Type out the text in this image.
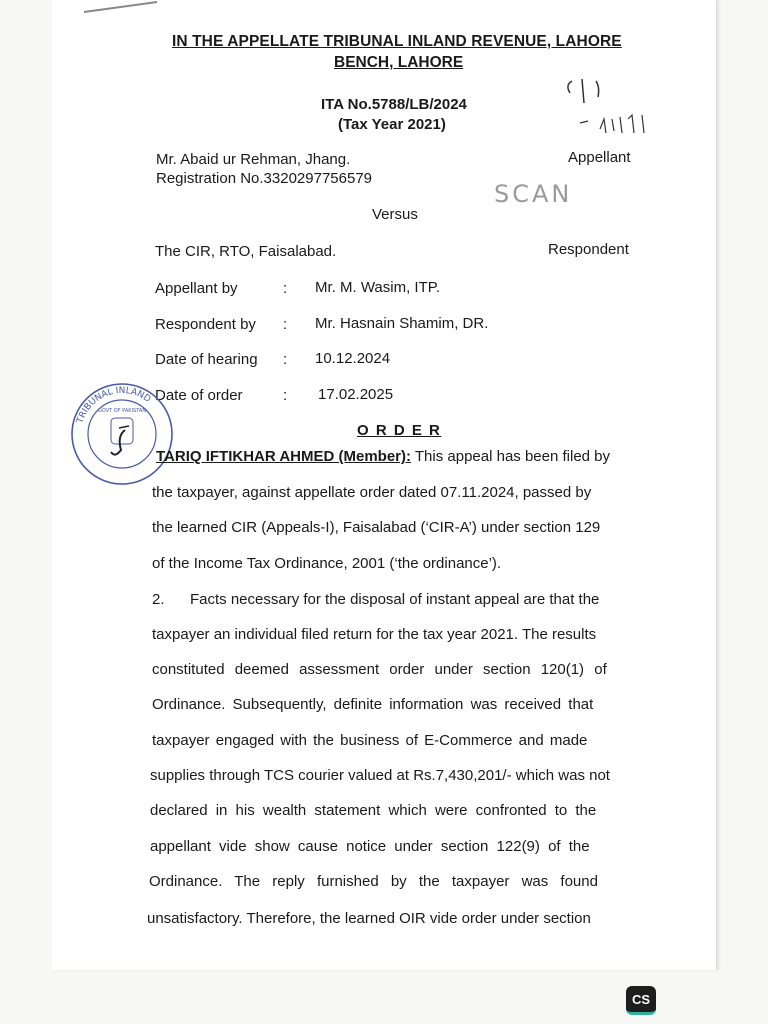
IN THE APPELLATE TRIBUNAL INLAND REVENUE, LAHORE
BENCH, LAHORE
ITA No.5788/LB/2024
(Tax Year 2021)
Mr. Abaid ur Rehman, Jhang.
Registration No.3320297756579
Appellant
SCAN
Versus
The CIR, RTO, Faisalabad.	Respondent
Appellant by	: Mr. M. Wasim, ITP.
Respondent by : Mr. Hasnain Shamim, DR.
Date of hearing : 10.12.2024
Date of order	: 17.02.2025
TRIBUNAL INLAND
GOVT OF PAKISTAN
O R D E R
TARIQ IFTIKHAR AHMED (Member): This appeal has been filed by
the taxpayer, against appellate order dated 07.11.2024, passed by
the learned CIR (Appeals-I), Faisalabad (‘CIR-A’) under section 129
of the Income Tax Ordinance, 2001 (‘the ordinance’).
2. Facts necessary for the disposal of instant appeal are that the
taxpayer an individual filed return for the tax year 2021. The results
constituted deemed assessment order under section 120(1) of
Ordinance. Subsequently, definite information was received that
taxpayer engaged with the business of E-Commerce and made
supplies through TCS courier valued at Rs.7,430,201/- which was not
declared in his wealth statement which were confronted to the
appellant vide show cause notice under section 122(9) of the
Ordinance. The reply furnished by the taxpayer was found
unsatisfactory. Therefore, the learned OIR vide order under section
CS
